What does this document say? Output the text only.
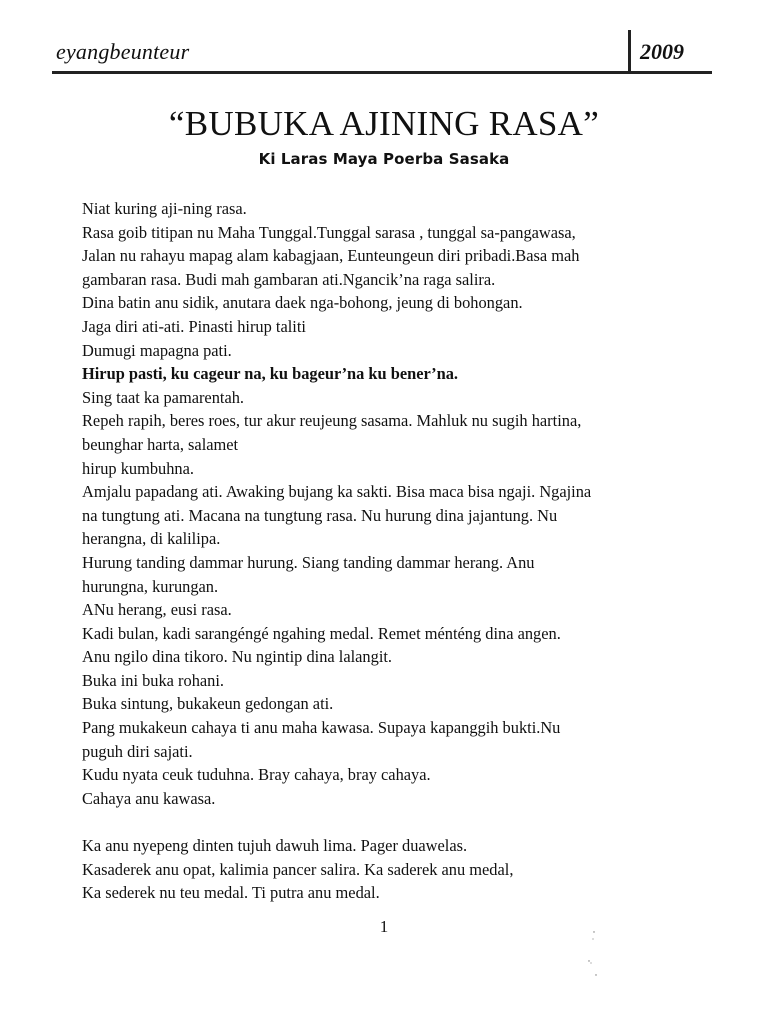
eyangbeunteur	2009
“BUBUKA AJINING RASA”
Ki Laras Maya Poerba Sasaka
Niat kuring aji-ning rasa.
Rasa goib titipan nu Maha Tunggal.Tunggal sarasa , tunggal sa-pangawasa,
Jalan nu rahayu mapag alam kabagjaan, Eunteungeun diri pribadi.Basa mah
gambaran rasa. Budi mah gambaran ati.Ngancik’na raga salira.
Dina batin anu sidik, anutara daek nga-bohong, jeung di bohongan.
Jaga diri ati-ati. Pinasti hirup taliti
Dumugi mapagna pati.
Hirup pasti, ku cageur na, ku bageur’na ku bener’na.
Sing taat ka pamarentah.
Repeh rapih, beres roes, tur akur reujeung sasama. Mahluk nu sugih hartina,
beunghar harta, salamet
hirup kumbuhna.
Amjalu papadang ati. Awaking bujang ka sakti. Bisa maca bisa ngaji. Ngajina
na tungtung ati. Macana na tungtung rasa. Nu hurung dina jajantung. Nu
herangna, di kalilipa.
Hurung tanding dammar hurung. Siang tanding dammar herang. Anu
hurungna, kurungan.
ANu herang, eusi rasa.
Kadi bulan, kadi sarangéngé ngahing medal. Remet ménténg dina angen.
Anu ngilo dina tikoro. Nu ngintip dina lalangit.
Buka ini buka rohani.
Buka sintung, bukakeun gedongan ati.
Pang mukakeun cahaya ti anu maha kawasa. Supaya kapanggih bukti.Nu
puguh diri sajati.
Kudu nyata ceuk tuduhna. Bray cahaya, bray cahaya.
Cahaya anu kawasa.
Ka anu nyepeng dinten tujuh dawuh lima. Pager duawelas.
Kasaderek anu opat, kalimia pancer salira. Ka saderek anu medal,
Ka sederek nu teu medal. Ti putra anu medal.
1
